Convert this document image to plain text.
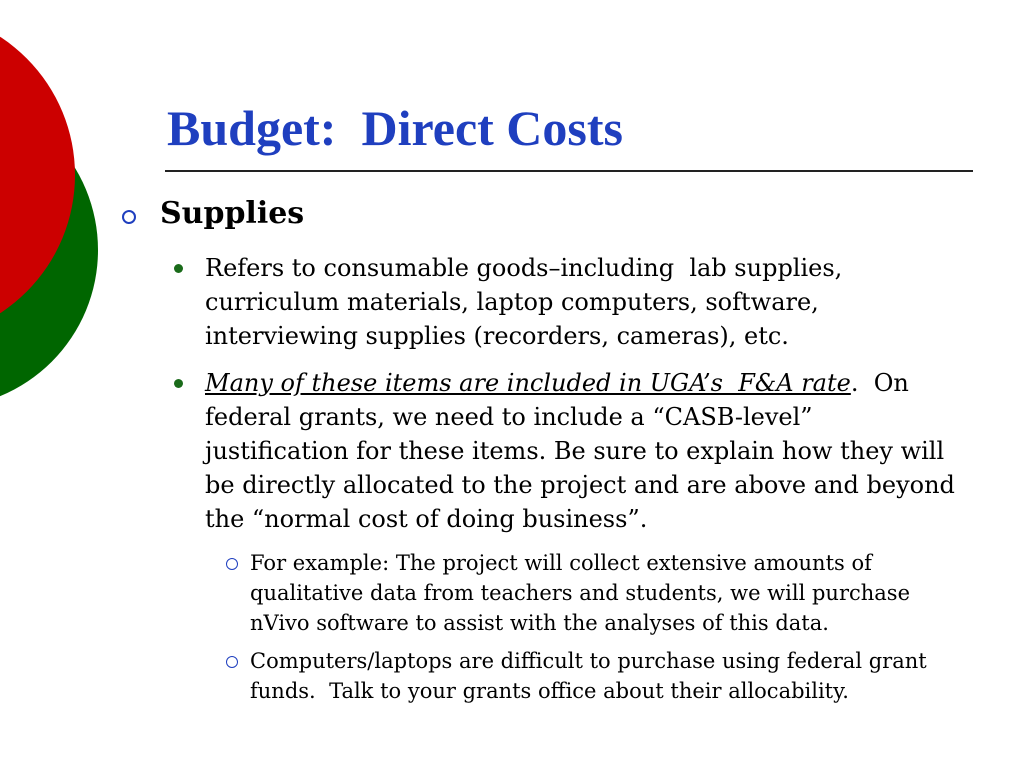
Budget:  Direct Costs
Supplies
Refers to consumable goods–including  lab supplies,
curriculum materials, laptop computers, software,
interviewing supplies (recorders, cameras), etc.
Many of these items are included in UGA’s  F&A rate.  On
federal grants, we need to include a “CASB-level”
justification for these items. Be sure to explain how they will
be directly allocated to the project and are above and beyond
the “normal cost of doing business”.
For example: The project will collect extensive amounts of
qualitative data from teachers and students, we will purchase
nVivo software to assist with the analyses of this data.
Computers/laptops are difficult to purchase using federal grant
funds.  Talk to your grants office about their allocability.
